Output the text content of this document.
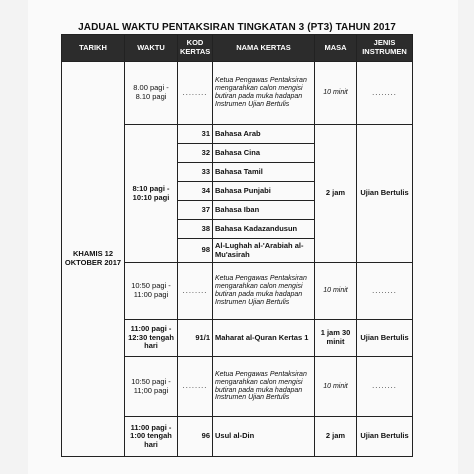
JADUAL WAKTU PENTAKSIRAN TINGKATAN 3 (PT3) TAHUN 2017
TARIKH	WAKTU	KOD KERTAS	NAMA KERTAS	MASA	JENIS INSTRUMEN
KHAMIS 12 OKTOBER 2017	8.00 pagi - 8.10 pagi	........	Ketua Pengawas Pentaksiran mengarahkan calon mengisi butiran pada muka hadapan Instrumen Ujian Bertulis	10 minit	........
	8:10 pagi - 10:10 pagi	31	Bahasa Arab	2 jam	Ujian Bertulis
		32	Bahasa Cina		
		33	Bahasa Tamil		
		34	Bahasa Punjabi		
		37	Bahasa Iban		
		38	Bahasa Kadazandusun		
		98	Al-Lughah al-'Arabiah al-Mu'asirah		
	10:50 pagi - 11:00 pagi	........	Ketua Pengawas Pentaksiran mengarahkan calon mengisi butiran pada muka hadapan Instrumen Ujian Bertulis	10 minit	........
	11:00 pagi - 12:30 tengah hari	91/1	Maharat al-Quran Kertas 1	1 jam 30 minit	Ujian Bertulis
	10:50 pagi - 11;00 pagi	........	Ketua Pengawas Pentaksiran mengarahkan calon mengisi butiran pada muka hadapan Instrumen Ujian Bertulis	10 minit	........
	11:00 pagi - 1:00 tengah hari	96	Usul al-Din	2 jam	Ujian Bertulis
